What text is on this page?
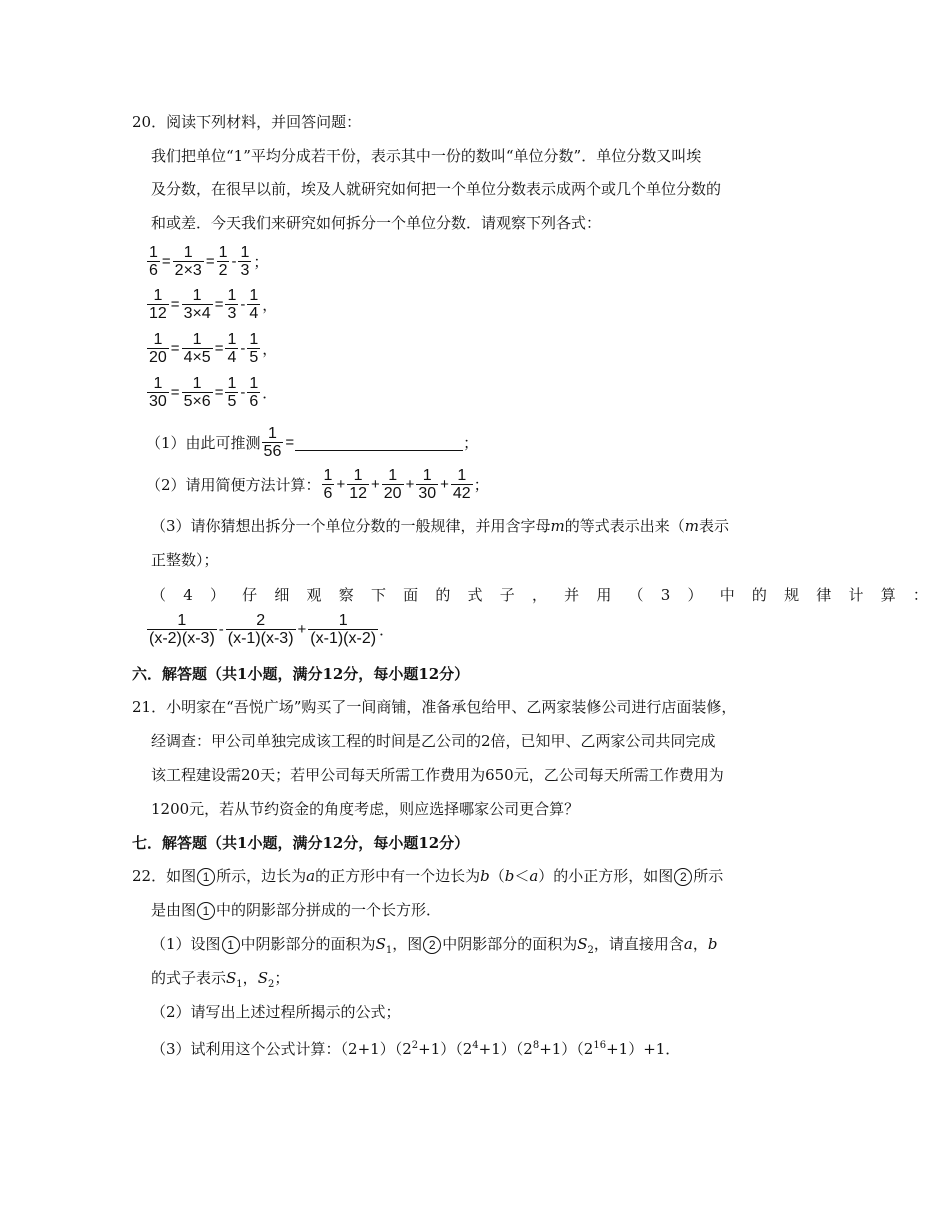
20．阅读下列材料，并回答问题：
我们把单位“1”平均分成若干份，表示其中一份的数叫“单位分数”．单位分数又叫埃
及分数，在很早以前，埃及人就研究如何把一个单位分数表示成两个或几个单位分数的
和或差．今天我们来研究如何拆分一个单位分数．请观察下列各式：
$\frac{1}{6} = \frac{1}{2\times 3} = \frac{1}{2} - \frac{1}{3}$ ；
$\frac{1}{12} = \frac{1}{3\times 4} = \frac{1}{3} - \frac{1}{4}$ ，
$\frac{1}{20} = \frac{1}{4\times 5} = \frac{1}{4} - \frac{1}{5}$ ，
$\frac{1}{30} = \frac{1}{5\times 6} = \frac{1}{5} - \frac{1}{6}$ ．
（1）由此可推测 $\frac{1}{56}$ =	；
（2）请用简便方法计算： $\frac{1}{6} + \frac{1}{12} + \frac{1}{20} + \frac{1}{30} + \frac{1}{42}$ ；
（3）请你猜想出拆分一个单位分数的一般规律，并用含字母m的等式表示出来（m表示
正整数）；
（4）仔细观察下面的式子，并用（3）中的规律计算：
$\frac{1}{(x-2)(x-3)} - \frac{2}{(x-1)(x-3)} + \frac{1}{(x-1)(x-2)}$ ．
六．解答题（共1小题，满分12分，每小题12分）
21．小明家在“吾悦广场”购买了一间商铺，准备承包给甲、乙两家装修公司进行店面装修，
经调查：甲公司单独完成该工程的时间是乙公司的2倍，已知甲、乙两家公司共同完成
该工程建设需20天；若甲公司每天所需工作费用为650元，乙公司每天所需工作费用为
1200元，若从节约资金的角度考虑，则应选择哪家公司更合算？
七．解答题（共1小题，满分12分，每小题12分）
22．如图 1 所示，边长为a的正方形中有一个边长为b（b＜a）的小正方形，如图 2 所示
是由图 1 中的阴影部分拼成的一个长方形．
（1）设图 1 中阴影部分的面积为$S_1$，图 2 中阴影部分的面积为$S_2$，请直接用含a，b
的式子表示$S_1$，$S_2$；
（2）请写出上述过程所揭示的公式；
（3）试利用这个公式计算：$(2+1)(2^2+1)(2^4+1)(2^8+1)(2^{16}+1)+1$．
